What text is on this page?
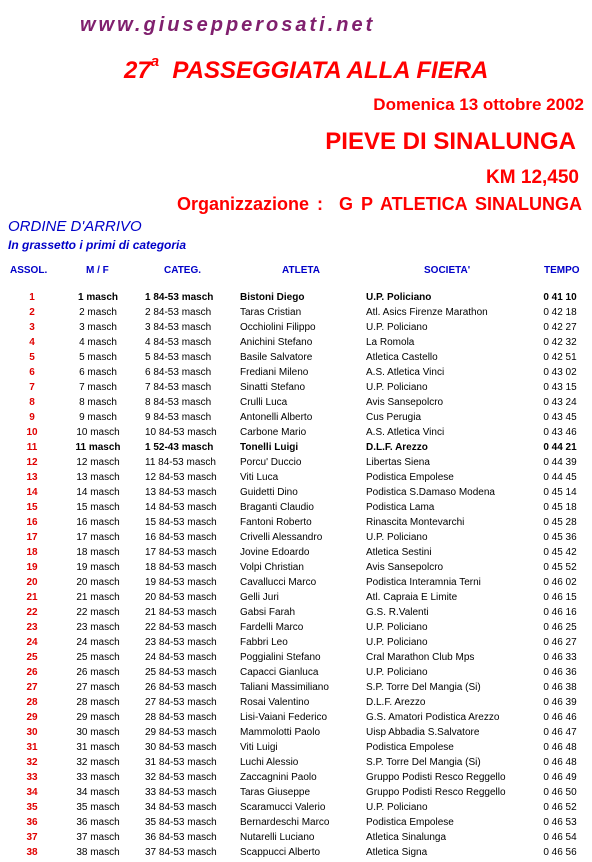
www.giusepperosati.net
27$^a$ PASSEGGIATA ALLA FIERA
Domenica 13 ottobre 2002
PIEVE DI SINALUNGA
KM 12,450
Organizzazione : G P ATLETICA SINALUNGA
ORDINE D'ARRIVO
In grassetto i primi di categoria
ASSOL.	M / F	CATEG.	ATLETA	SOCIETA'	TEMPO
1	1 masch	1 84-53 masch	Bistoni Diego	U.P. Policiano	0 41 10
2	2 masch	2 84-53 masch	Taras Cristian	Atl. Asics Firenze Marathon	0 42 18
3	3 masch	3 84-53 masch	Occhiolini Filippo	U.P. Policiano	0 42 27
4	4 masch	4 84-53 masch	Anichini Stefano	La Romola	0 42 32
5	5 masch	5 84-53 masch	Basile Salvatore	Atletica Castello	0 42 51
6	6 masch	6 84-53 masch	Frediani Mileno	A.S. Atletica Vinci	0 43 02
7	7 masch	7 84-53 masch	Sinatti Stefano	U.P. Policiano	0 43 15
8	8 masch	8 84-53 masch	Crulli Luca	Avis Sansepolcro	0 43 24
9	9 masch	9 84-53 masch	Antonelli Alberto	Cus Perugia	0 43 45
10	10 masch	10 84-53 masch	Carbone Mario	A.S. Atletica Vinci	0 43 46
11	11 masch	1 52-43 masch	Tonelli Luigi	D.L.F. Arezzo	0 44 21
12	12 masch	11 84-53 masch	Porcu' Duccio	Libertas Siena	0 44 39
13	13 masch	12 84-53 masch	Viti Luca	Podistica Empolese	0 44 45
14	14 masch	13 84-53 masch	Guidetti Dino	Podistica S.Damaso Modena	0 45 14
15	15 masch	14 84-53 masch	Braganti Claudio	Podistica Lama	0 45 18
16	16 masch	15 84-53 masch	Fantoni Roberto	Rinascita Montevarchi	0 45 28
17	17 masch	16 84-53 masch	Crivelli Alessandro	U.P. Policiano	0 45 36
18	18 masch	17 84-53 masch	Jovine Edoardo	Atletica Sestini	0 45 42
19	19 masch	18 84-53 masch	Volpi Christian	Avis Sansepolcro	0 45 52
20	20 masch	19 84-53 masch	Cavallucci Marco	Podistica Interamnia Terni	0 46 02
21	21 masch	20 84-53 masch	Gelli Juri	Atl. Capraia E Limite	0 46 15
22	22 masch	21 84-53 masch	Gabsi Farah	G.S. R.Valenti	0 46 16
23	23 masch	22 84-53 masch	Fardelli Marco	U.P. Policiano	0 46 25
24	24 masch	23 84-53 masch	Fabbri Leo	U.P. Policiano	0 46 27
25	25 masch	24 84-53 masch	Poggialini Stefano	Cral Marathon Club Mps	0 46 33
26	26 masch	25 84-53 masch	Capacci Gianluca	U.P. Policiano	0 46 36
27	27 masch	26 84-53 masch	Taliani Massimiliano	S.P. Torre Del Mangia (Si)	0 46 38
28	28 masch	27 84-53 masch	Rosai Valentino	D.L.F. Arezzo	0 46 39
29	29 masch	28 84-53 masch	Lisi-Vaiani Federico	G.S. Amatori Podistica Arezzo	0 46 46
30	30 masch	29 84-53 masch	Mammolotti Paolo	Uisp Abbadia S.Salvatore	0 46 47
31	31 masch	30 84-53 masch	Viti Luigi	Podistica Empolese	0 46 48
32	32 masch	31 84-53 masch	Luchi Alessio	S.P. Torre Del Mangia (Si)	0 46 48
33	33 masch	32 84-53 masch	Zaccagnini Paolo	Gruppo Podisti Resco Reggello	0 46 49
34	34 masch	33 84-53 masch	Taras Giuseppe	Gruppo Podisti Resco Reggello	0 46 50
35	35 masch	34 84-53 masch	Scaramucci Valerio	U.P. Policiano	0 46 52
36	36 masch	35 84-53 masch	Bernardeschi Marco	Podistica Empolese	0 46 53
37	37 masch	36 84-53 masch	Nutarelli Luciano	Atletica Sinalunga	0 46 54
38	38 masch	37 84-53 masch	Scappucci Alberto	Atletica Signa	0 46 56
